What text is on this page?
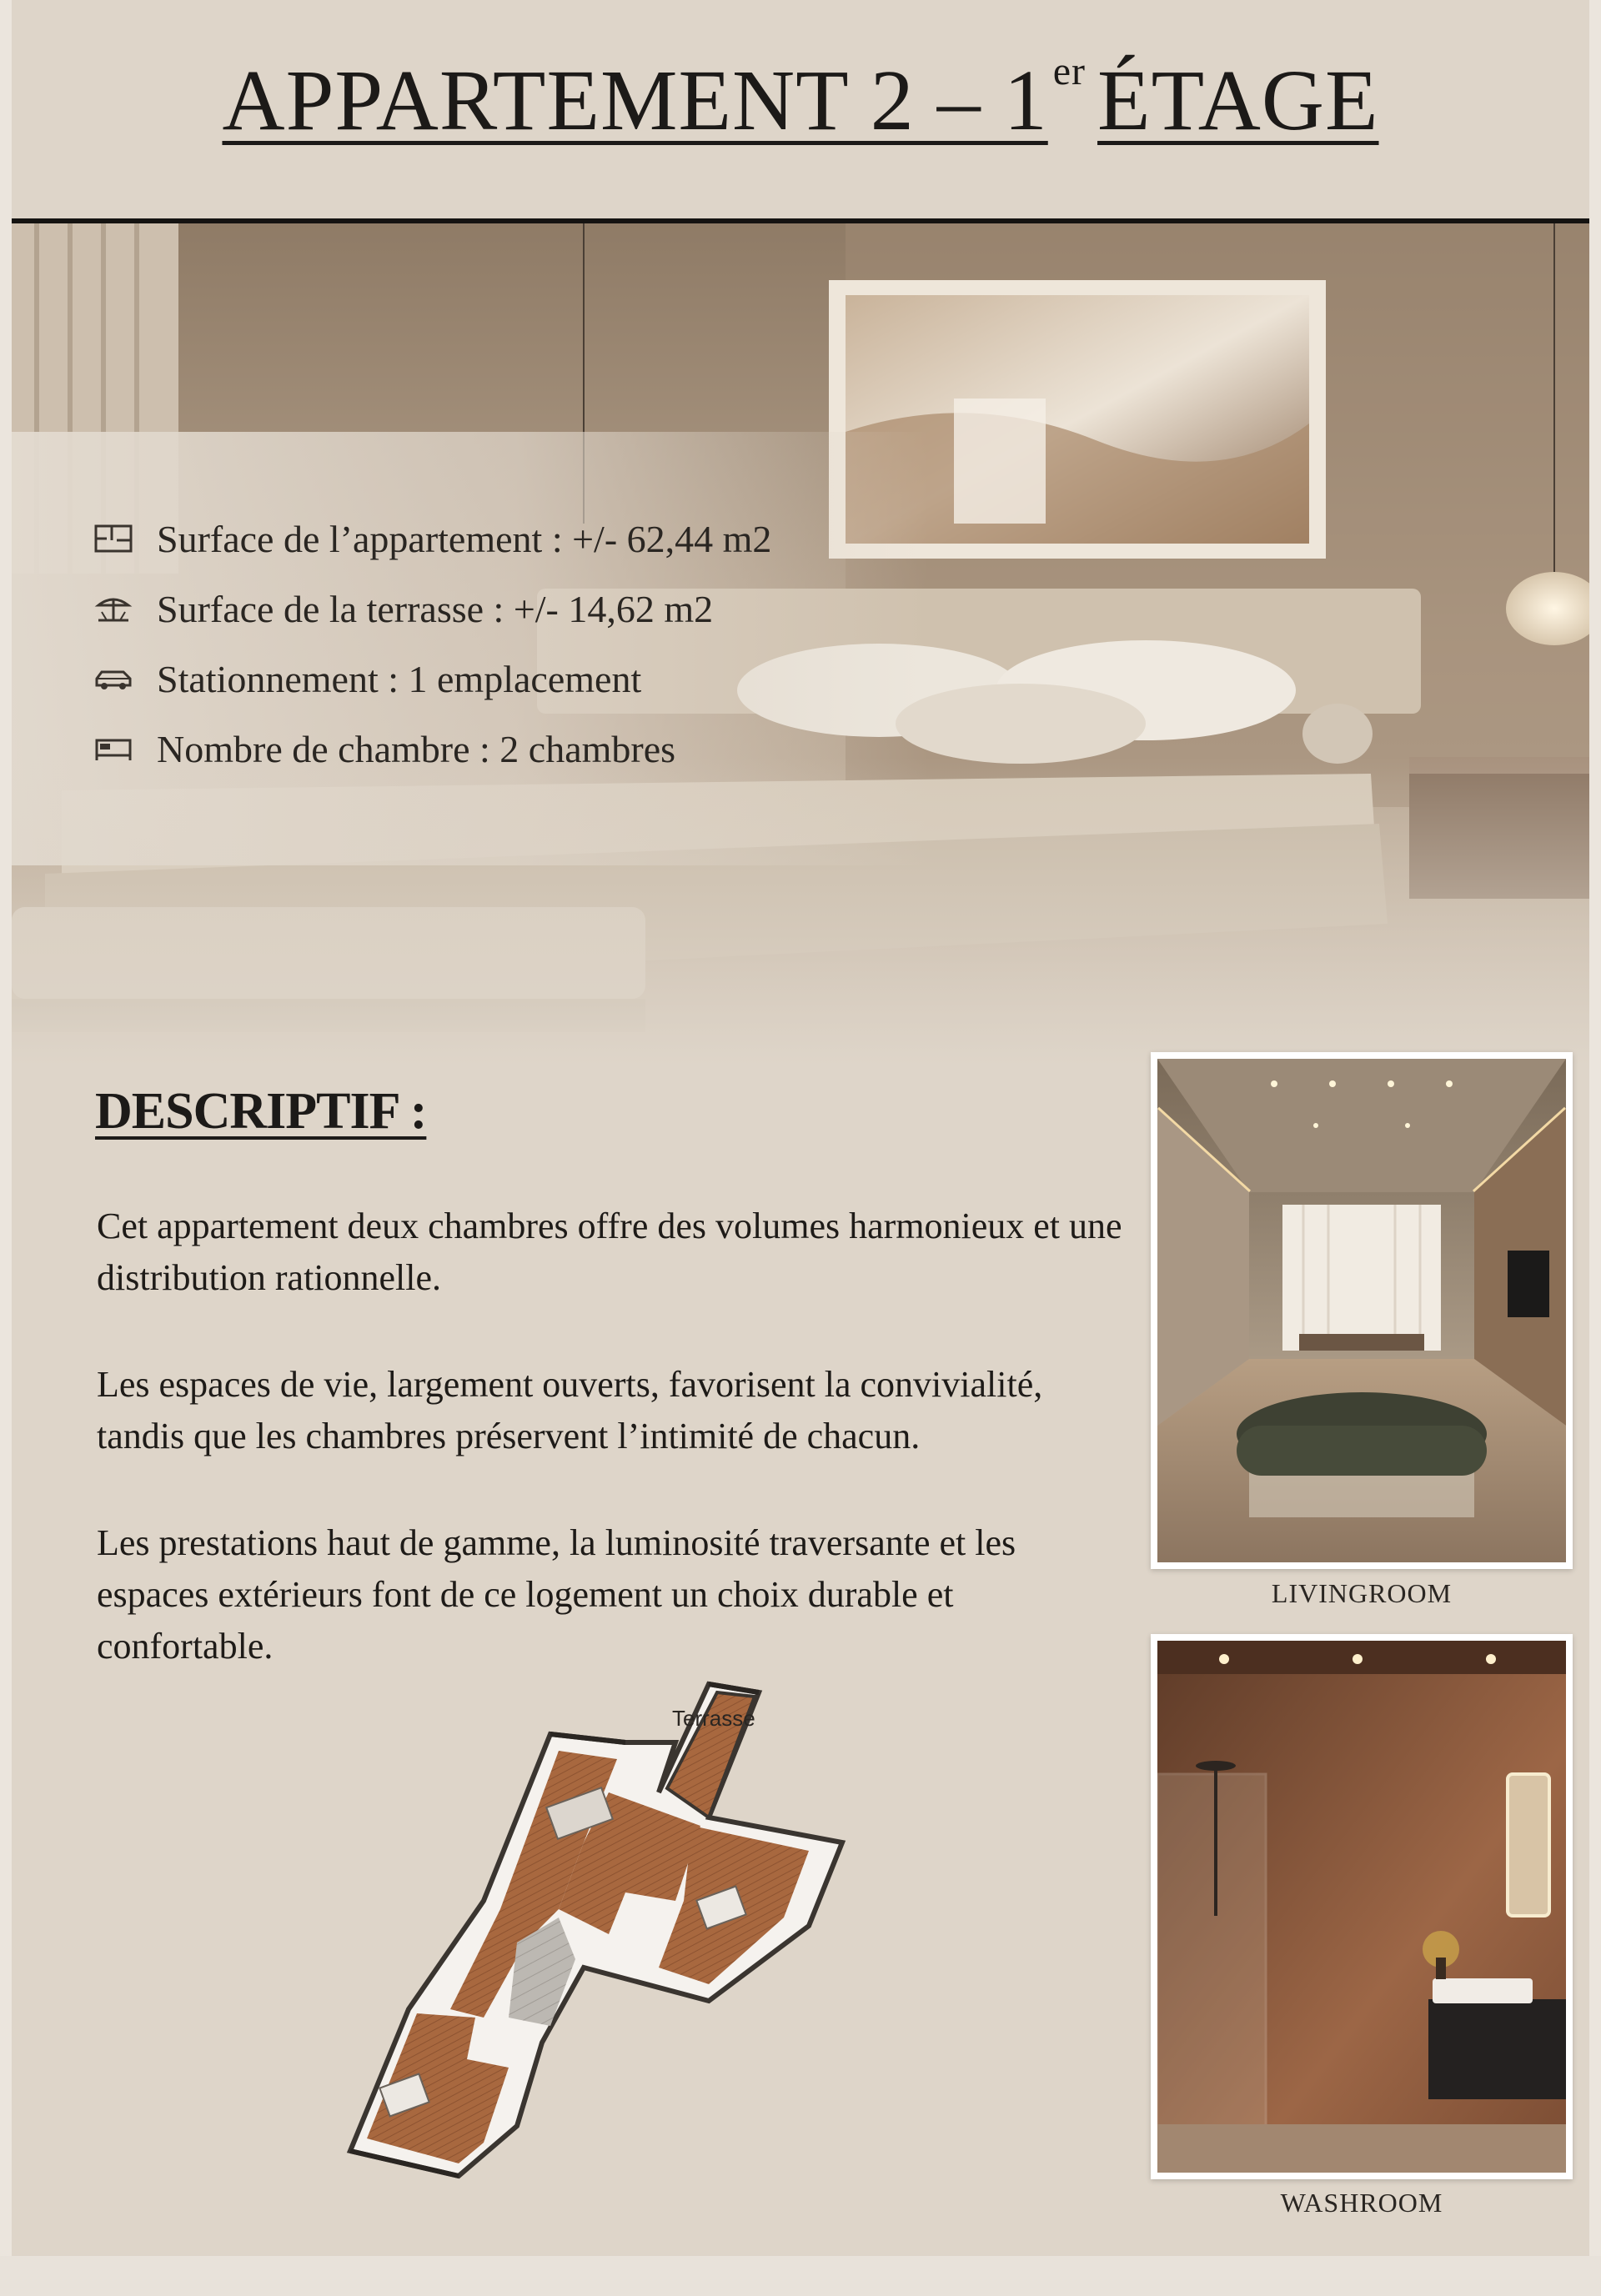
APPARTEMENT 2 – 1 $^{er}$ ÉTAGE
Surface de l’appartement : +/- 62,44 m2
Surface de la terrasse : +/- 14,62 m2
Stationnement : 1 emplacement
Nombre de chambre : 2 chambres
DESCRIPTIF :
Cet appartement deux chambres offre des volumes harmonieux et une distribution rationnelle.
Les espaces de vie, largement ouverts, favorisent la convivialité, tandis que les chambres préservent l’intimité de chacun.
Les prestations haut de gamme, la luminosité traversante et les espaces extérieurs font de ce logement un choix durable et confortable.
LIVINGROOM
WASHROOM
Terrasse
